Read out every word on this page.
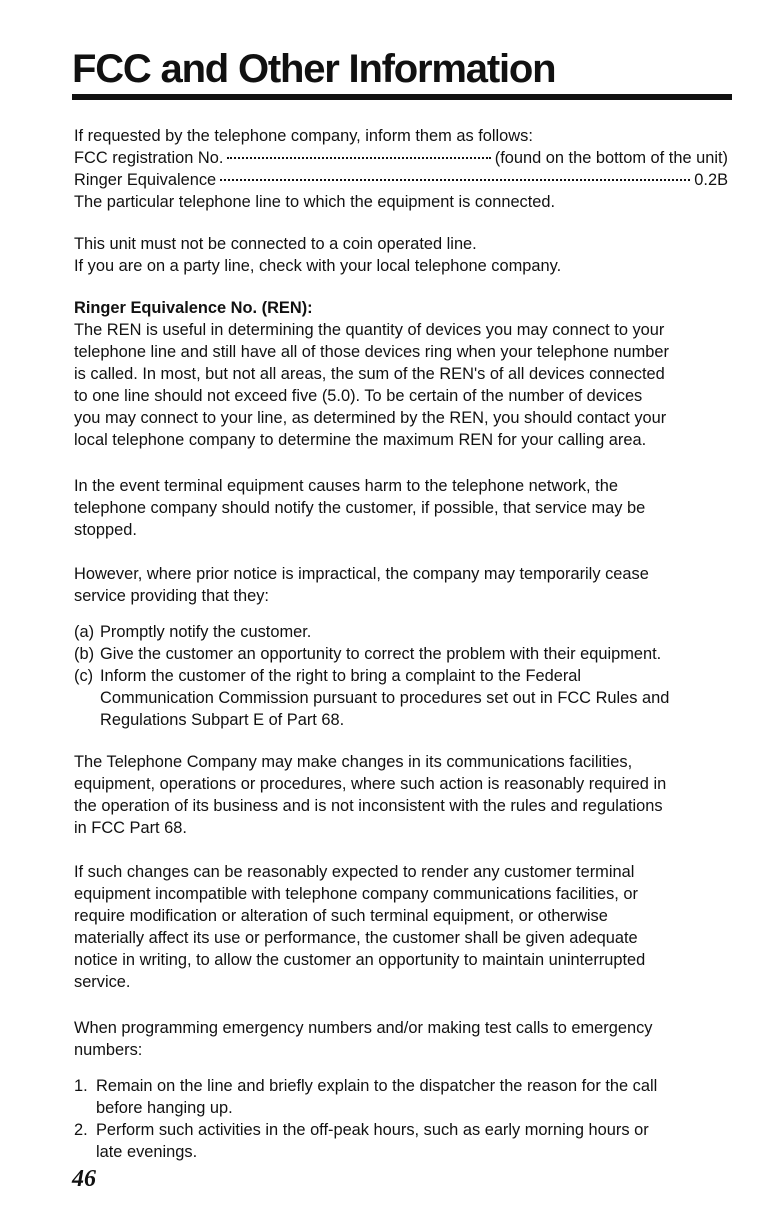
FCC and Other Information
If requested by the telephone company, inform them as follows:
FCC registration No.	(found on the bottom of the unit)
Ringer Equivalence	0.2B
The particular telephone line to which the equipment is connected.
This unit must not be connected to a coin operated line.
If you are on a party line, check with your local telephone company.
Ringer Equivalence No. (REN):
The REN is useful in determining the quantity of devices you may connect to your
telephone line and still have all of those devices ring when your telephone number
is called. In most, but not all areas, the sum of the REN's of all devices connected
to one line should not exceed five (5.0). To be certain of the number of devices
you may connect to your line, as determined by the REN, you should contact your
local telephone company to determine the maximum REN for your calling area.
In the event terminal equipment causes harm to the telephone network, the
telephone company should notify the customer, if possible, that service may be
stopped.
However, where prior notice is impractical, the company may temporarily cease
service providing that they:
(a) Promptly notify the customer.
(b) Give the customer an opportunity to correct the problem with their equipment.
(c) Inform the customer of the right to bring a complaint to the Federal
Communication Commission pursuant to procedures set out in FCC Rules and
Regulations Subpart E of Part 68.
The Telephone Company may make changes in its communications facilities,
equipment, operations or procedures, where such action is reasonably required in
the operation of its business and is not inconsistent with the rules and regulations
in FCC Part 68.
If such changes can be reasonably expected to render any customer terminal
equipment incompatible with telephone company communications facilities, or
require modification or alteration of such terminal equipment, or otherwise
materially affect its use or performance, the customer shall be given adequate
notice in writing, to allow the customer an opportunity to maintain uninterrupted
service.
When programming emergency numbers and/or making test calls to emergency
numbers:
1. Remain on the line and briefly explain to the dispatcher the reason for the call
before hanging up.
2. Perform such activities in the off-peak hours, such as early morning hours or
late evenings.
46
